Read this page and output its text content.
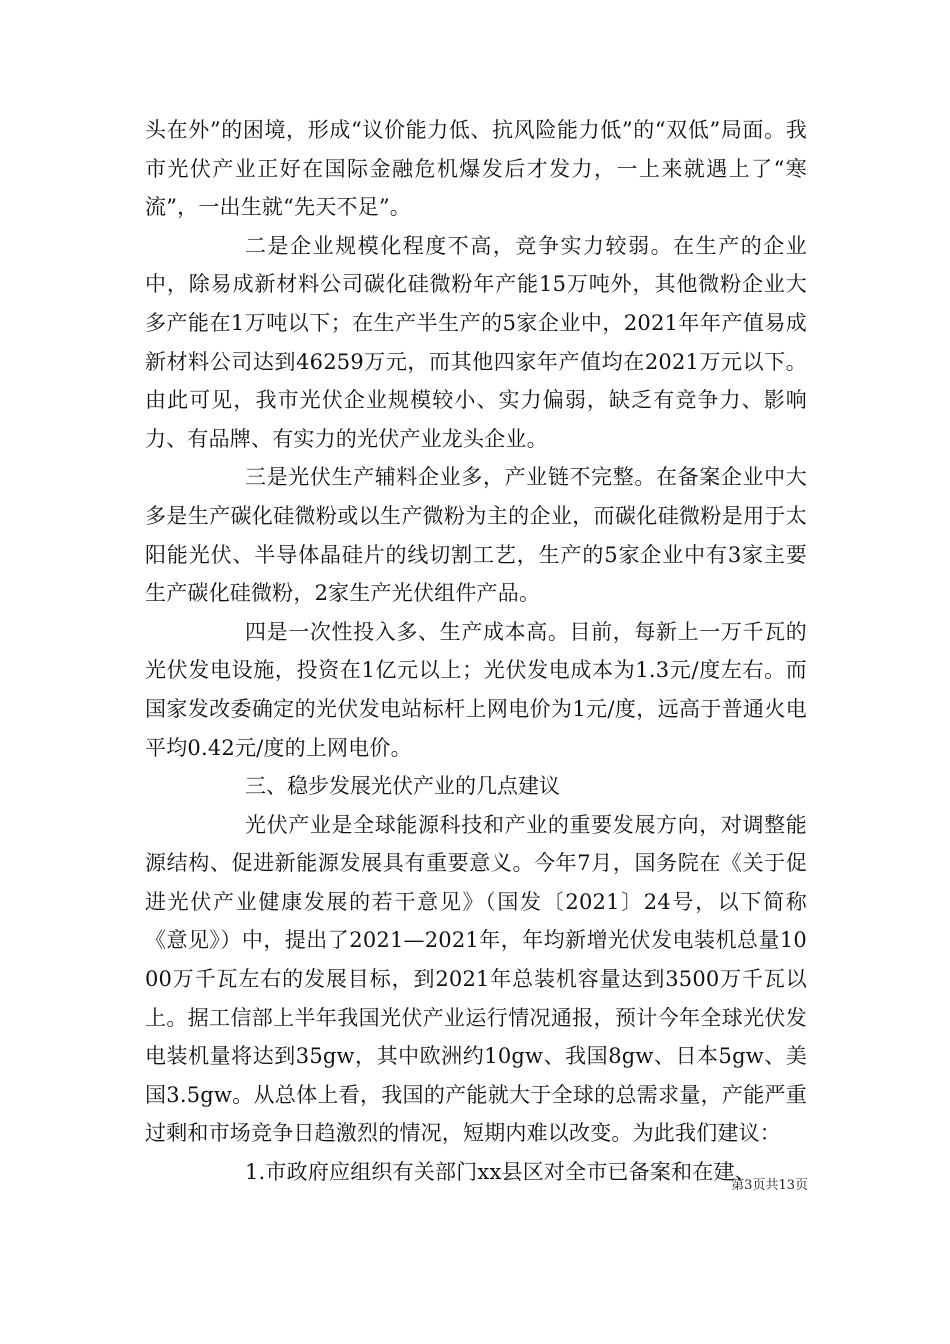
头在外”的困境，形成“议价能力低、抗风险能力低”的“双低”局面。我市光伏产业正好在国际金融危机爆发后才发力，一上来就遇上了“寒流”，一出生就“先天不足”。

二是企业规模化程度不高，竞争实力较弱。在生产的企业中，除易成新材料公司碳化硅微粉年产能15万吨外，其他微粉企业大多产能在1万吨以下；在生产半生产的5家企业中，2021年年产值易成新材料公司达到46259万元，而其他四家年产值均在2021万元以下。由此可见，我市光伏企业规模较小、实力偏弱，缺乏有竞争力、影响力、有品牌、有实力的光伏产业龙头企业。

三是光伏生产辅料企业多，产业链不完整。在备案企业中大多是生产碳化硅微粉或以生产微粉为主的企业，而碳化硅微粉是用于太阳能光伏、半导体晶硅片的线切割工艺，生产的5家企业中有3家主要生产碳化硅微粉，2家生产光伏组件产品。

四是一次性投入多、生产成本高。目前，每新上一万千瓦的光伏发电设施，投资在1亿元以上；光伏发电成本为1.3元/度左右。而国家发改委确定的光伏发电站标杆上网电价为1元/度，远高于普通火电平均0.42元/度的上网电价。

三、稳步发展光伏产业的几点建议

光伏产业是全球能源科技和产业的重要发展方向，对调整能源结构、促进新能源发展具有重要意义。今年7月，国务院在《关于促进光伏产业健康发展的若干意见》（国发〔2021〕24号，以下简称《意见》）中，提出了2021—2021年，年均新增光伏发电装机总量1000万千瓦左右的发展目标，到2021年总装机容量达到3500万千瓦以上。据工信部上半年我国光伏产业运行情况通报，预计今年全球光伏发电装机量将达到35gw，其中欧洲约10gw、我国8gw、日本5gw、美国3.5gw。从总体上看，我国的产能就大于全球的总需求量，产能严重过剩和市场竞争日趋激烈的情况，短期内难以改变。为此我们建议：

1.市政府应组织有关部门xx县区对全市已备案和在建、

第3页共13页
